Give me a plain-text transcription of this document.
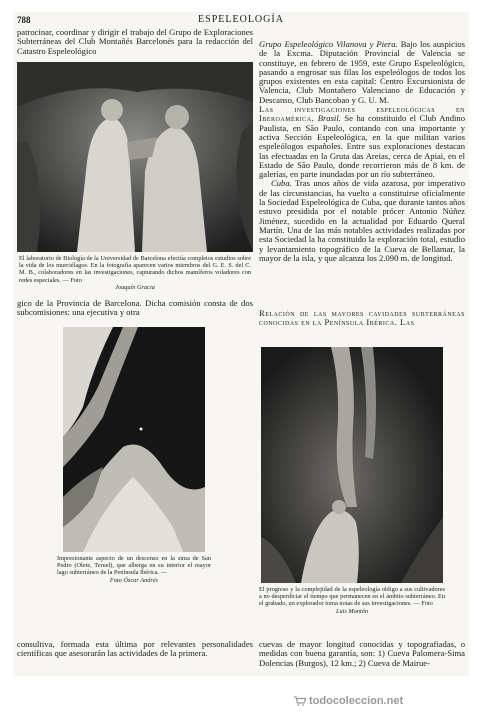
788	ESPELEOLOGÍA

patrocinar, coordinar y dirigir el trabajo del Grupo de Exploraciones Subterráneas del Club Montañés Barcelonés para la redacción del Catastro Espeleológico

El laboratorio de Biología de la Universidad de Barcelona efectúa completos estudios sobre la vida de los murciélagos. En la fotografía aparecen varios miembros del G. E. S. del C. M. B., colaboradores en las investigaciones, capturando dichos mamíferos voladores con redes especiales. — Foto
Joaquín Gracia

Grupo Espeleológico Vilanova y Piera. Bajo los auspicios de la Excma. Diputación Provincial de Valencia se constituye, en febrero de 1959, este Grupo Espeleológico, pasando a engrosar sus filas los espeleólogos de todos los grupos existentes en esta capital: Centro Excursionista de Valencia, Club Montañero Valenciano de Educación y Descanso, Club Bancobao y G. U. M.

Las investigaciones espeleológicas en Iberoamérica. Brasil. Se ha constituido el Club Andino Paulista, en São Paulo, contando con una importante y activa Sección Espeleológica, en la que militan varios espeleólogos españoles. Entre sus exploraciones destacan las efectuadas en la Gruta das Areias, cerca de Apiai, en el Estado de São Paulo, donde recorrieron más de 8 km. de galerías, en parte inundadas por un río subterráneo.

Cuba. Tras unos años de vida azarosa, por imperativo de las circunstancias, ha vuelto a constituirse oficialmente la Sociedad Espeleológica de Cuba, que durante tantos años estuvo presidida por el notable prócer Antonio Núñez Jiménez, sucedido en la actualidad por Eduardo Queral Martín. Una de las más notables actividades realizadas por esta Sociedad la ha constituido la exploración total, estudio y levantamiento topográfico de la Cueva de Bellamar, la mayor de la isla, y que alcanza los 2.090 m. de longitud.

gico de la Provincia de Barcelona. Dicha comisión consta de dos subcomisiones: una ejecutiva y otra	Relación de las mayores cavidades subterráneas conocidas en la Península Ibérica. Las

Impresionante aspecto de un descenso en la sima de San Pedro (Olete, Teruel), que alberga en su interior el mayor lago subterráneo de la Península Ibérica. —
Foto Óscar Andrés
El progreso y la complejidad de la espeleología obligo a sus cultivadores a no desperdiciar el tiempo que permanecen en el ámbito subterráneo. En el grabado, un explorador toma notas de sus investigaciones. — Foto
Luis Montón

consultiva, formada esta última por relevantes personalidades científicas que asesorarán las actividades de la primera.

cuevas de mayor longitud conocidas y topografiadas, o medidas con buena garantía, son: 1) Cueva Palomera-Sima Dolencias (Burgos), 12 km.; 2) Cueva de Mairue-

todocoleccion.net
